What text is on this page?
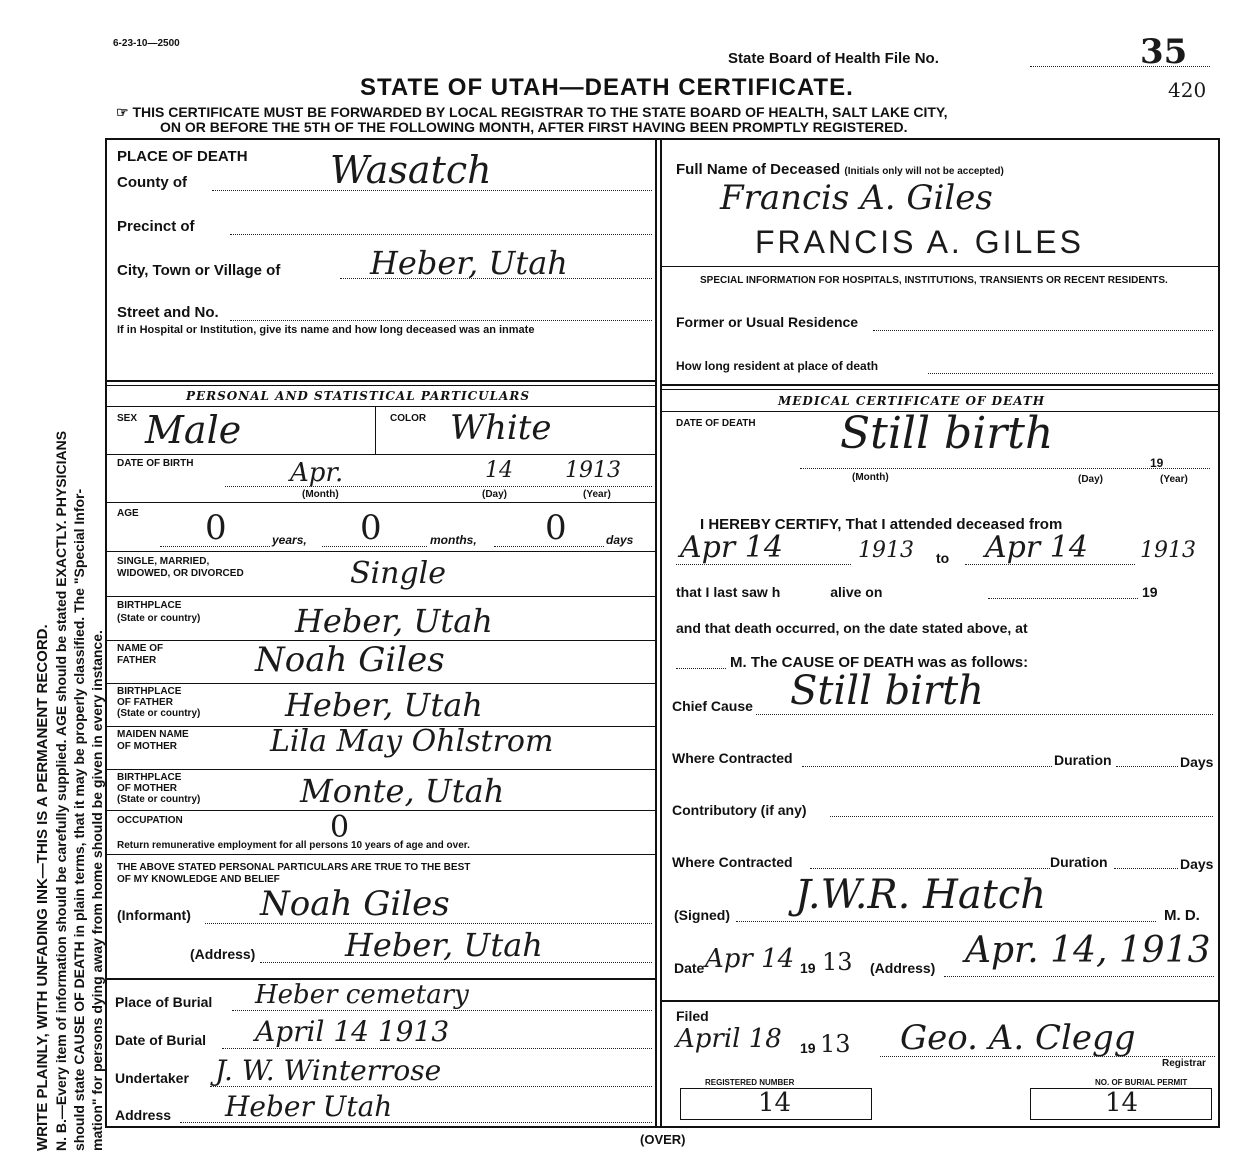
WRITE PLAINLY, WITH UNFADING INK—THIS IS A PERMANENT RECORD. N. B.—Every item of information should be carefully supplied. AGE should be stated EXACTLY. PHYSICIANS should state CAUSE OF DEATH in plain terms, that it may be properly classified. The "Special Infor- mation" for persons dying away from home should be given in every instance.
6-23-10—2500
State Board of Health File No.	35
420
STATE OF UTAH—DEATH CERTIFICATE.
☞ THIS CERTIFICATE MUST BE FORWARDED BY LOCAL REGISTRAR TO THE STATE BOARD OF HEALTH, SALT LAKE CITY,
ON OR BEFORE THE 5TH OF THE FOLLOWING MONTH, AFTER FIRST HAVING BEEN PROMPTLY REGISTERED.
PLACE OF DEATH
County of	Wasatch
Precinct of
City, Town or Village of	Heber, Utah
Street and No.
If in Hospital or Institution, give its name and how long deceased was an inmate
PERSONAL AND STATISTICAL PARTICULARS
SEX Male	COLOR White
DATE OF BIRTH	Apr.	14 1913
(Month)	(Day)	(Year)
AGE 0	years, 0	months, 0	days
SINGLE, MARRIED,
WIDOWED, OR DIVORCED	Single
BIRTHPLACE
(State or country)	Heber, Utah
NAME OF
FATHER	Noah Giles
BIRTHPLACE
OF FATHER
(State or country)	Heber, Utah
MAIDEN NAME
OF MOTHER	Lila May Ohlstrom
BIRTHPLACE
OF MOTHER
(State or country)	Monte, Utah
OCCUPATION	0
Return remunerative employment for all persons 10 years of age and over.
THE ABOVE STATED PERSONAL PARTICULARS ARE TRUE TO THE BEST
OF MY KNOWLEDGE AND BELIEF
(Informant) Noah Giles
(Address)	Heber, Utah
Place of Burial Heber cemetary
Date of Burial April 14 1913
Undertaker J. W. Winterrose
Address Heber Utah
Full Name of Deceased (Initials only will not be accepted)
Francis A. Giles
FRANCIS A. GILES
SPECIAL INFORMATION FOR HOSPITALS, INSTITUTIONS, TRANSIENTS OR RECENT RESIDENTS.
Former or Usual Residence
How long resident at place of death
MEDICAL CERTIFICATE OF DEATH
DATE OF DEATH Still birth
(Month)	(Day)
19
(Year)
I HEREBY CERTIFY, That I attended deceased from
Apr 14	1913 to Apr 14 1913
that I last saw h	alive on	19
and that death occurred, on the date stated above, at
M. The CAUSE OF DEATH was as follows:
Chief Cause Still birth
Where Contracted	Duration	Days
Contributory (if any)
Where Contracted	Duration	Days
(Signed) J.W.R. Hatch	M. D.
Date Apr 14 19 13 (Address) Apr. 14, 1913
Filed
April 18 19 13 Geo. A. Clegg
Registrar
REGISTERED NUMBER
14
NO. OF BURIAL PERMIT
14
(OVER)
